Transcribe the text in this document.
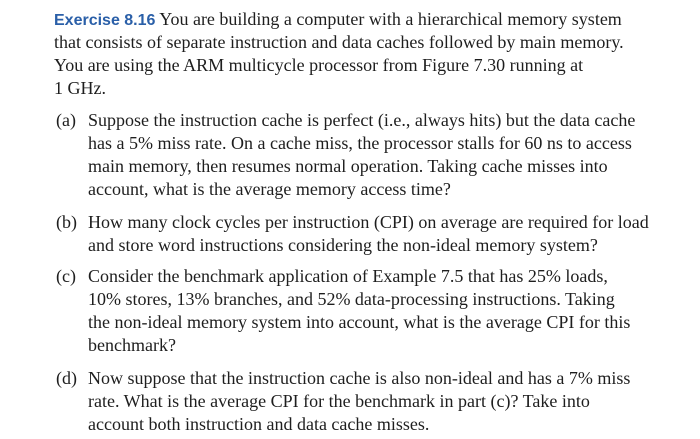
Exercise 8.16 You are building a computer with a hierarchical memory system
that consists of separate instruction and data caches followed by main memory.
You are using the ARM multicycle processor from Figure 7.30 running at
1 GHz.
(a) Suppose the instruction cache is perfect (i.e., always hits) but the data cache
has a 5% miss rate. On a cache miss, the processor stalls for 60 ns to access
main memory, then resumes normal operation. Taking cache misses into
account, what is the average memory access time?
(b) How many clock cycles per instruction (CPI) on average are required for load
and store word instructions considering the non-ideal memory system?
(c) Consider the benchmark application of Example 7.5 that has 25% loads,
10% stores, 13% branches, and 52% data-processing instructions. Taking
the non-ideal memory system into account, what is the average CPI for this
benchmark?
(d) Now suppose that the instruction cache is also non-ideal and has a 7% miss
rate. What is the average CPI for the benchmark in part (c)? Take into
account both instruction and data cache misses.
